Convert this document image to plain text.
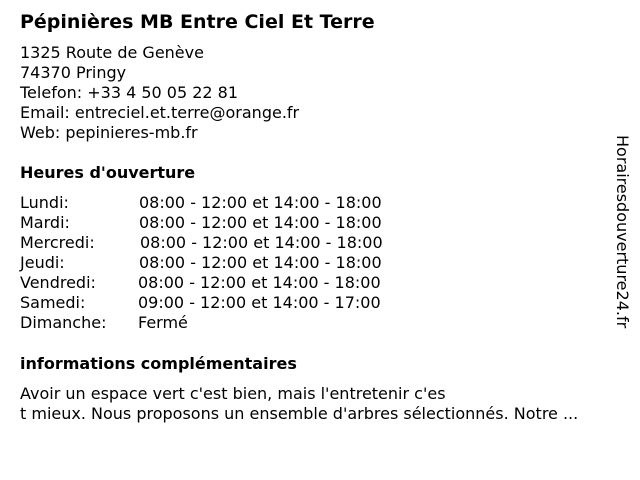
Pépinières MB Entre Ciel Et Terre
1325 Route de Genève
74370 Pringy
Telefon: +33 4 50 05 22 81
Email: entreciel.et.terre@orange.fr
Web: pepinieres-mb.fr
Heures d'ouverture
Lundi:	08:00 - 12:00 et 14:00 - 18:00
Mardi:	08:00 - 12:00 et 14:00 - 18:00
Mercredi:	08:00 - 12:00 et 14:00 - 18:00
Jeudi:	08:00 - 12:00 et 14:00 - 18:00
Vendredi:	08:00 - 12:00 et 14:00 - 18:00
Samedi:	09:00 - 12:00 et 14:00 - 17:00
Dimanche: Fermé
informations complémentaires
Avoir un espace vert c'est bien, mais l'entretenir c'es
t mieux. Nous proposons un ensemble d'arbres sélectionnés. Notre ...
Horairesdouverture24.fr
